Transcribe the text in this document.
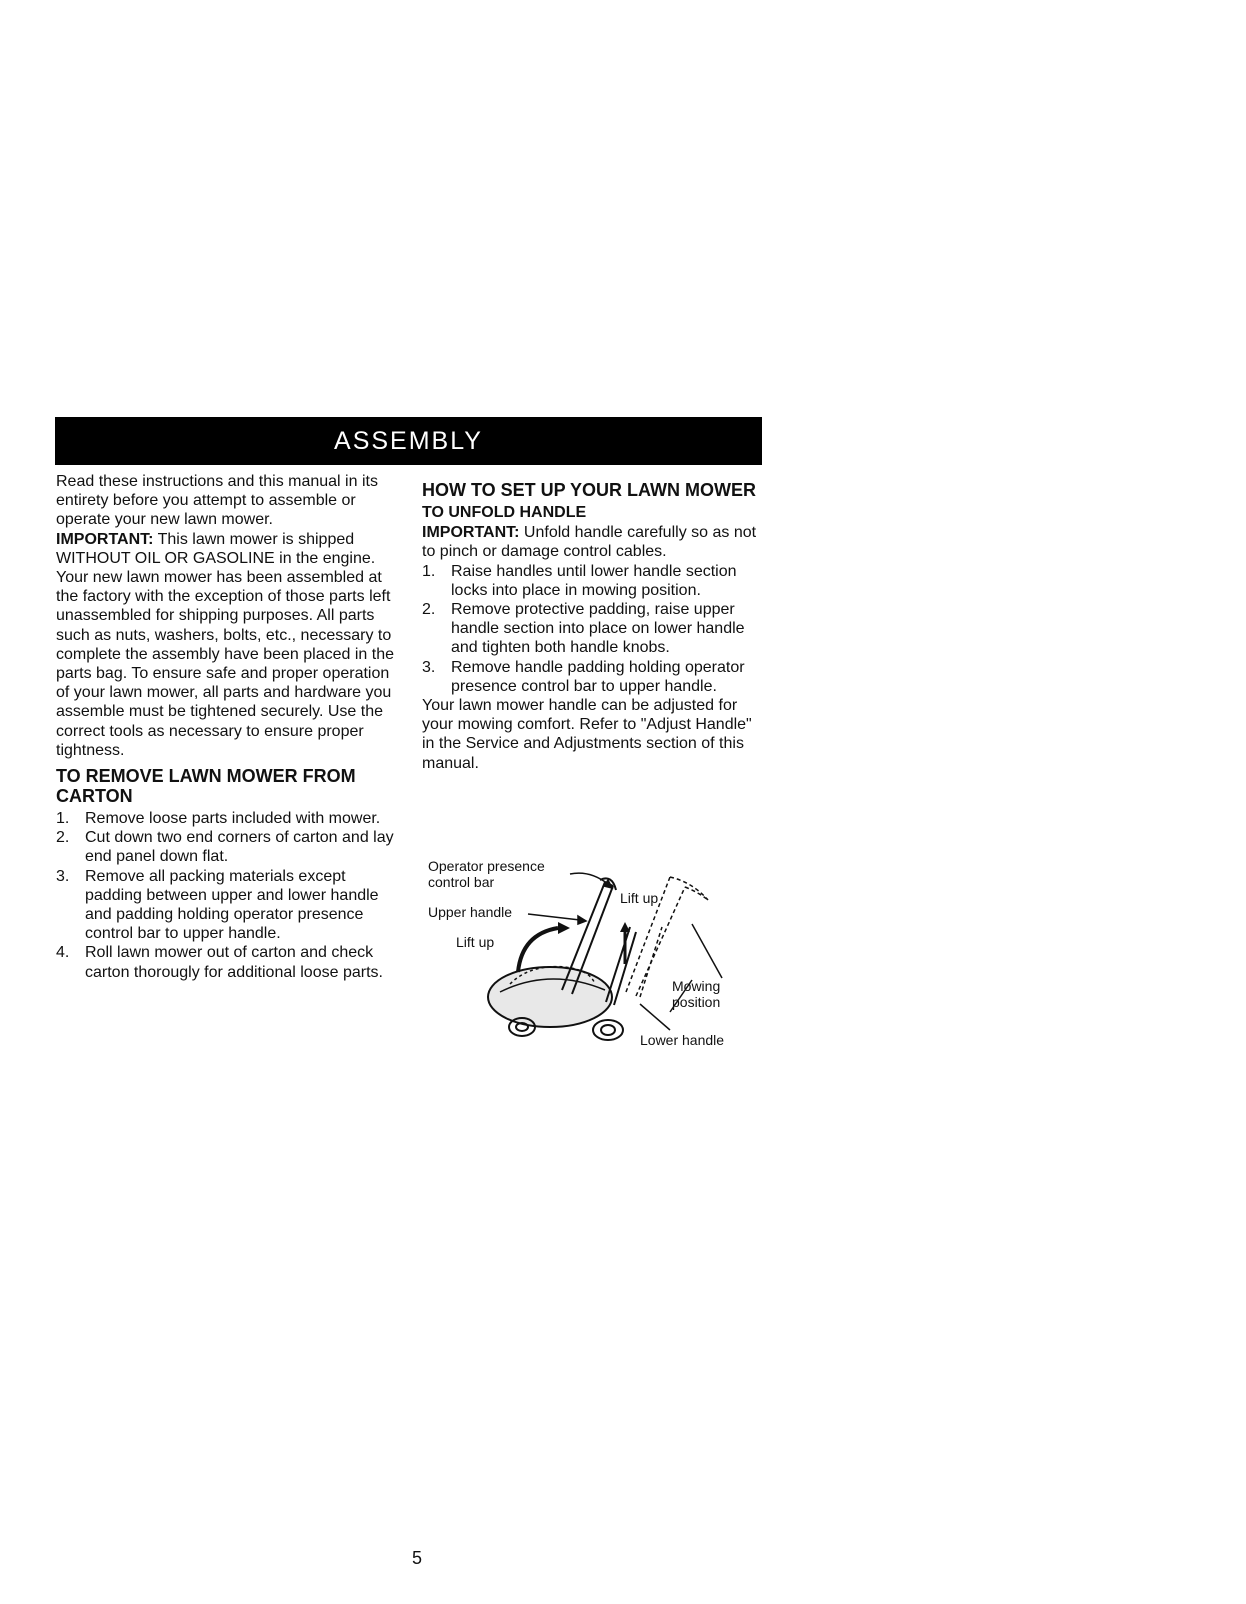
ASSEMBLY

Read these instructions and this manual in its entirety before you attempt to assemble or operate your new lawn mower.

IMPORTANT: This lawn mower is shipped WITHOUT OIL OR GASOLINE in the engine.

Your new lawn mower has been assembled at the factory with the exception of those parts left unassembled for shipping purposes. All parts such as nuts, washers, bolts, etc., necessary to complete the assembly have been placed in the parts bag. To ensure safe and proper operation of your lawn mower, all parts and hardware you assemble must be tightened securely. Use the correct tools as necessary to ensure proper tightness.

TO REMOVE LAWN MOWER FROM CARTON

1. Remove loose parts included with mower.
2. Cut down two end corners of carton and lay end panel down flat.
3. Remove all packing materials except padding between upper and lower handle and padding holding operator presence control bar to upper handle.
4. Roll lawn mower out of carton and check carton thorougly for additional loose parts.

HOW TO SET UP YOUR LAWN MOWER

TO UNFOLD HANDLE

IMPORTANT: Unfold handle carefully so as not to pinch or damage control cables.

1. Raise handles until lower handle section locks into place in mowing position.
2. Remove protective padding, raise upper handle section into place on lower handle and tighten both handle knobs.
3. Remove handle padding holding operator presence control bar to upper handle.

Your lawn mower handle can be adjusted for your mowing comfort. Refer to "Adjust Handle" in the Service and Adjustments section of this manual.

Operator presence
control bar
Upper handle
Lift up
Lift up
Mowing
position
Lower handle
5
